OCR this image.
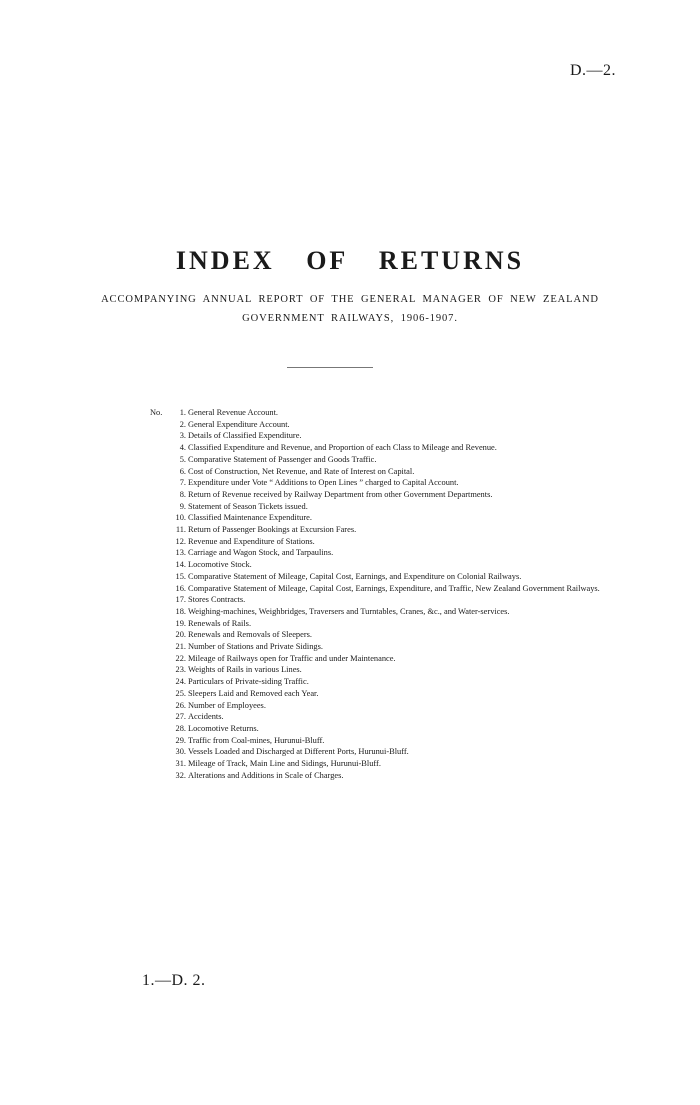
D.—2.
INDEX OF RETURNS
ACCOMPANYING ANNUAL REPORT OF THE GENERAL MANAGER OF NEW ZEALAND
GOVERNMENT RAILWAYS, 1906-1907.
No.	1. General Revenue Account.
2. General Expenditure Account.
3. Details of Classified Expenditure.
4. Classified Expenditure and Revenue, and Proportion of each Class to Mileage and Revenue.
5. Comparative Statement of Passenger and Goods Traffic.
6. Cost of Construction, Net Revenue, and Rate of Interest on Capital.
7. Expenditure under Vote “ Additions to Open Lines ” charged to Capital Account.
8. Return of Revenue received by Railway Department from other Government Departments.
9. Statement of Season Tickets issued.
10. Classified Maintenance Expenditure.
11. Return of Passenger Bookings at Excursion Fares.
12. Revenue and Expenditure of Stations.
13. Carriage and Wagon Stock, and Tarpaulins.
14. Locomotive Stock.
15. Comparative Statement of Mileage, Capital Cost, Earnings, and Expenditure on Colonial Railways.
16. Comparative Statement of Mileage, Capital Cost, Earnings, Expenditure, and Traffic, New Zealand Government Railways.
17. Stores Contracts.
18. Weighing-machines, Weighbridges, Traversers and Turntables, Cranes, &c., and Water-services.
19. Renewals of Rails.
20. Renewals and Removals of Sleepers.
21. Number of Stations and Private Sidings.
22. Mileage of Railways open for Traffic and under Maintenance.
23. Weights of Rails in various Lines.
24. Particulars of Private-siding Traffic.
25. Sleepers Laid and Removed each Year.
26. Number of Employees.
27. Accidents.
28. Locomotive Returns.
29. Traffic from Coal-mines, Hurunui-Bluff.
30. Vessels Loaded and Discharged at Different Ports, Hurunui-Bluff.
31. Mileage of Track, Main Line and Sidings, Hurunui-Bluff.
32. Alterations and Additions in Scale of Charges.
1.—D. 2.
